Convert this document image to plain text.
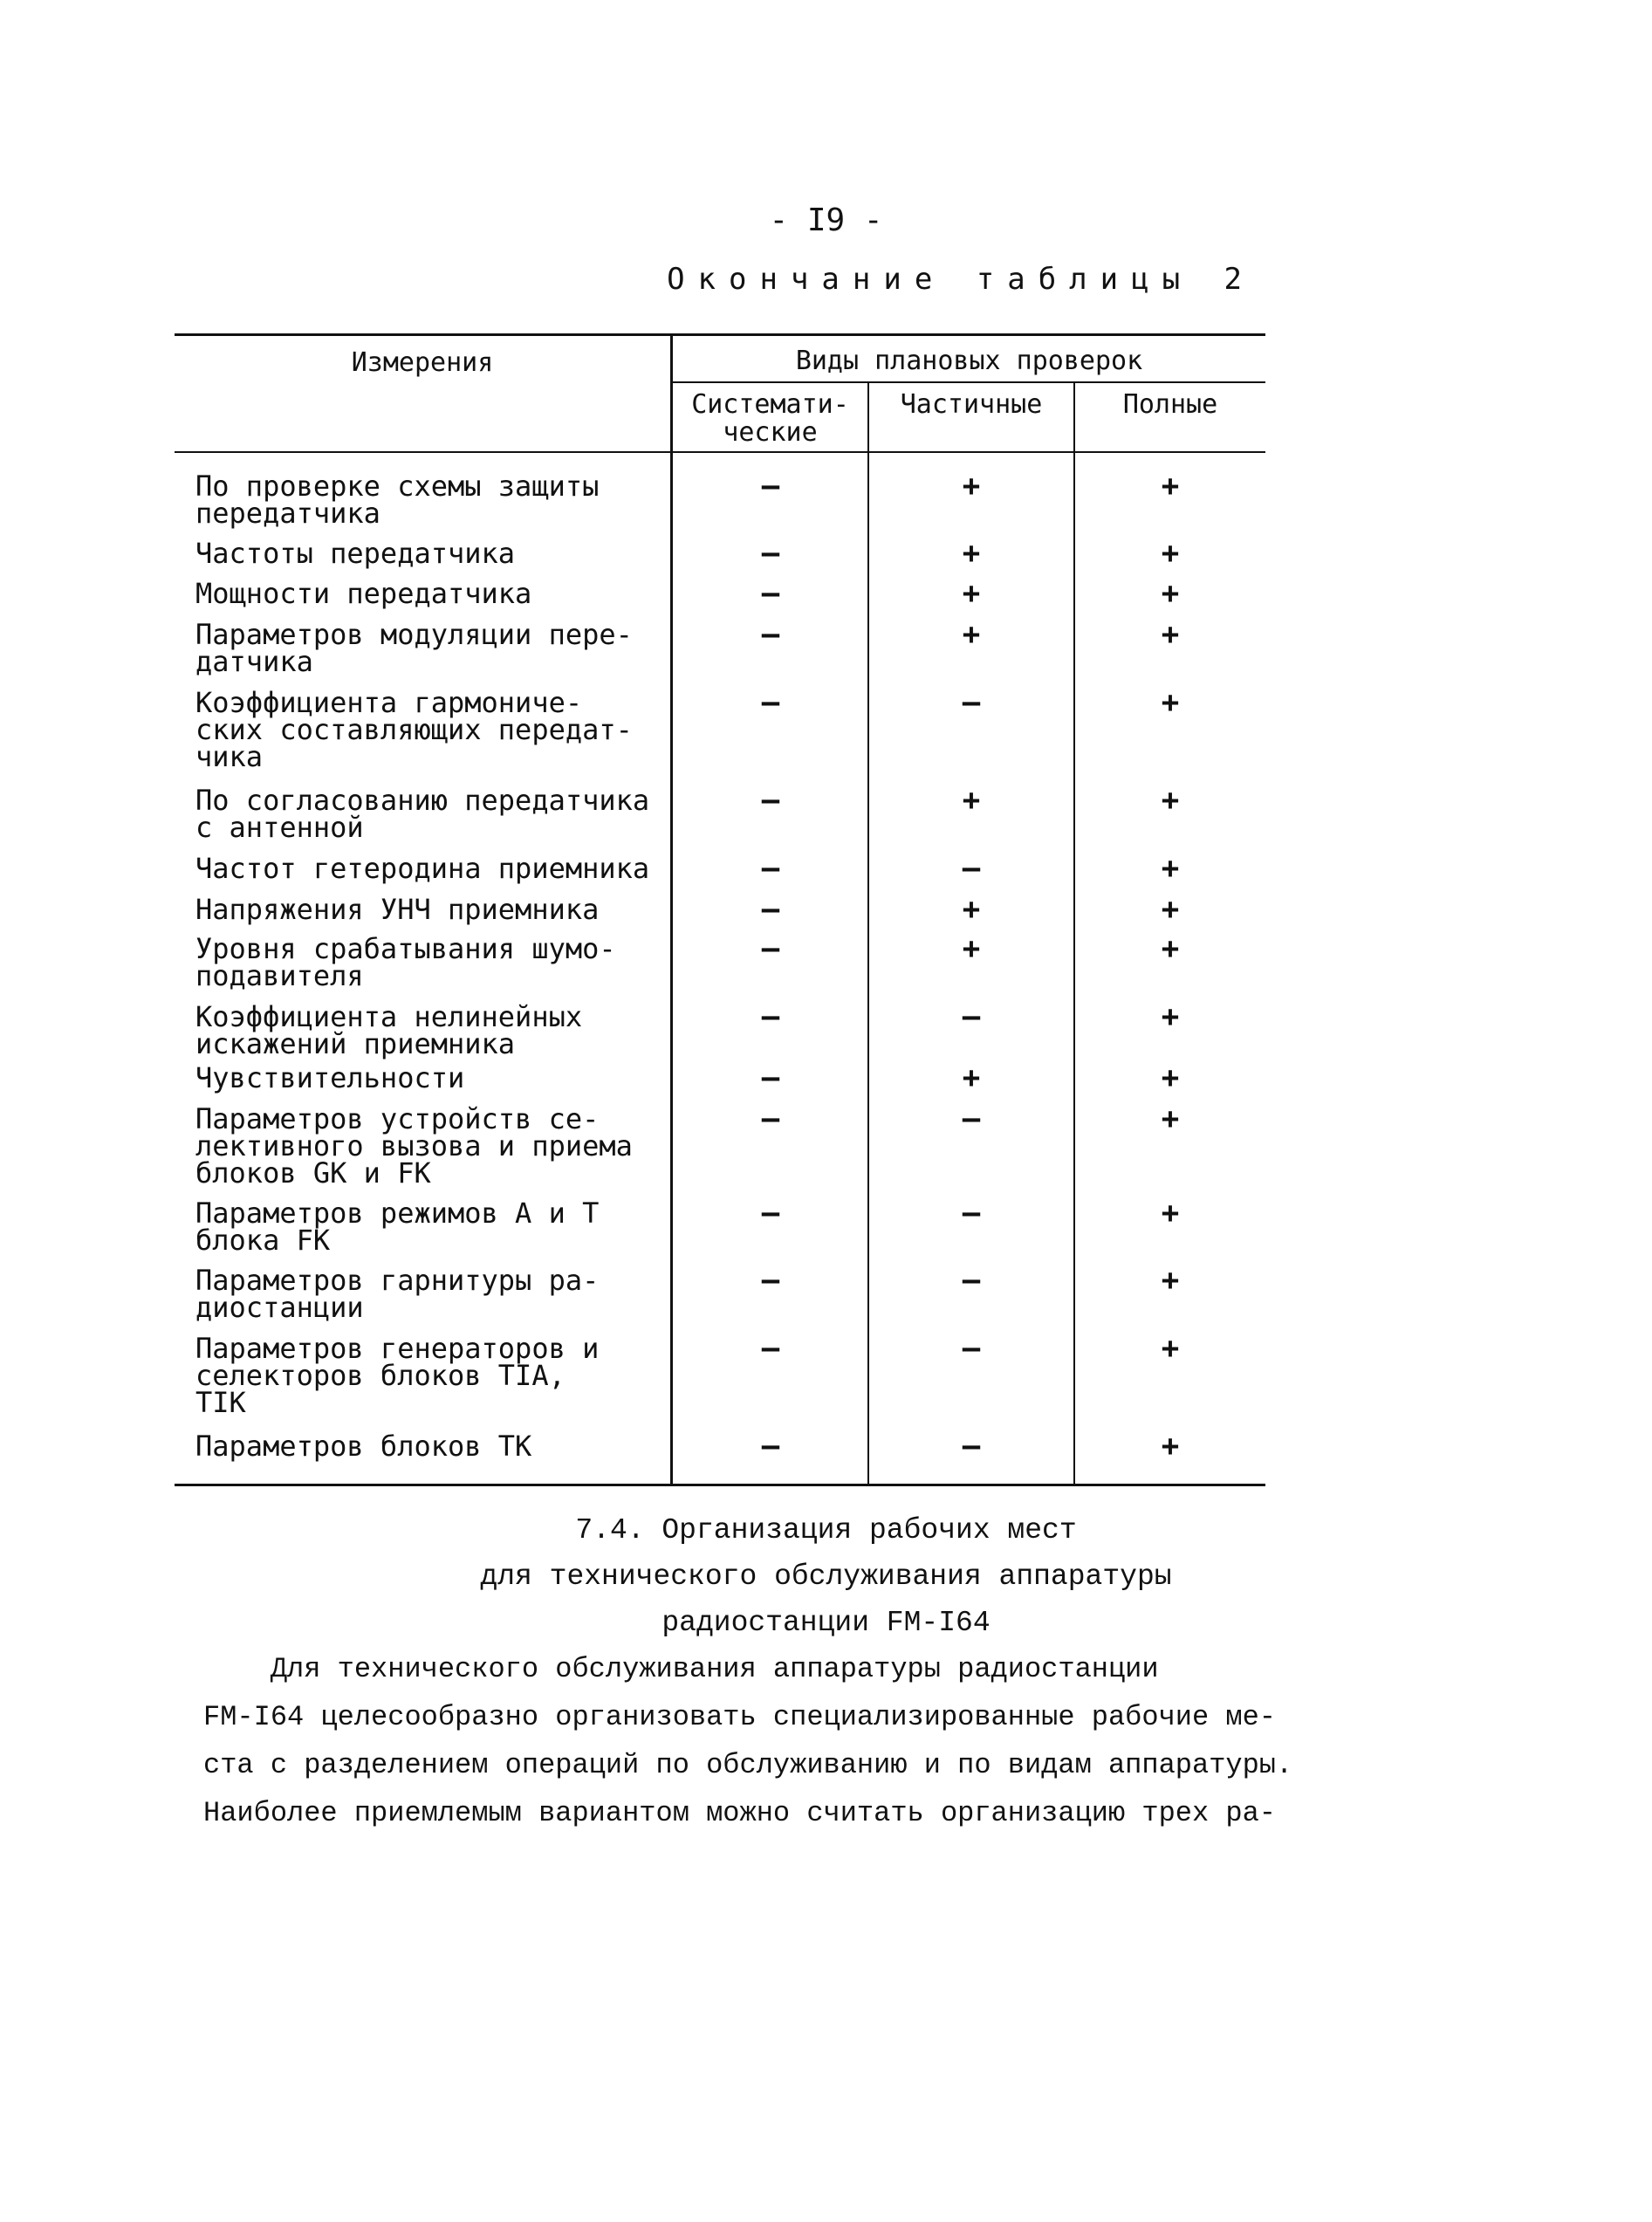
- I9 -
Окончание таблицы 2
Измерения	Виды плановых проверок
Системати-
ческие
Частичные	Полные
По проверке схемы защиты
передатчика
–	+	+
Частоты передатчика	–	+	+
Мощности передатчика	–	+	+
Параметров модуляции пере-
датчика
–	+	+
Коэффициента гармониче-
ских составляющих передат-
чика
–	–	+
По согласованию передатчика
с антенной
–	+	+
Частот гетеродина приемника	–	–	+
Напряжения УНЧ приемника	–	+	+
Уровня срабатывания шумо-
подавителя
–	+	+
Коэффициента нелинейных
искажений приемника
–	–	+
Чувствительности	–	+	+
Параметров устройств се-
лективного вызова и приема
блоков GK и FK
–	–	+
Параметров режимов А и Т
блока FK
–	–	+
Параметров гарнитуры ра-
диостанции
–	–	+
Параметров генераторов и
селекторов блоков TIA,
TIK
–	–	+
Параметров блоков ТК	–	–	+
7.4. Организация рабочих мест
для технического обслуживания аппаратуры
радиостанции FM-I64
Для технического обслуживания аппаратуры радиостанции
FM-I64 целесообразно организовать специализированные рабочие ме-
ста с разделением операций по обслуживанию и по видам аппаратуры.
Наиболее приемлемым вариантом можно считать организацию трех ра-
